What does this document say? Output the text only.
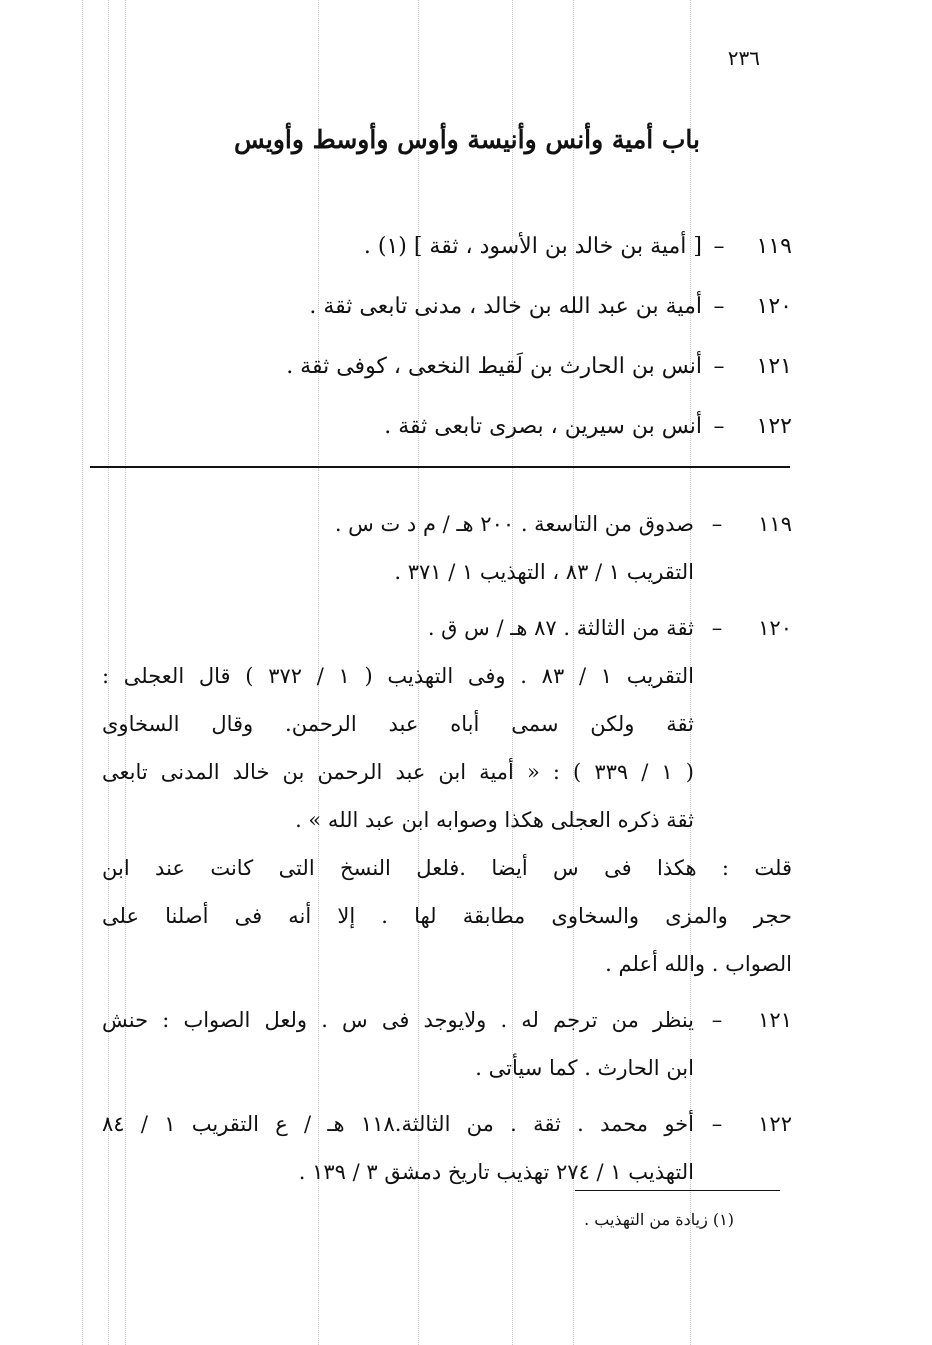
٢٣٦
باب أمية وأنس وأنيسة وأوس وأوسط وأويس
١١٩–[ أمية بن خالد بن الأسود ، ثقة ] (١) .
١٢٠–أمية بن عبد الله بن خالد ، مدنى تابعى ثقة .
١٢١–أنس بن الحارث بن لَقيط النخعى ، كوفى ثقة .
١٢٢–أنس بن سيرين ، بصرى تابعى ثقة .
١١٩
–
صدوق من التاسعة . ٢٠٠ هـ / م د ت س .
التقريب ١ / ٨٣ ، التهذيب ١ / ٣٧١ .
١٢٠
–
ثقة من الثالثة . ٨٧ هـ / س ق .
التقريب ١ / ٨٣ . وفى التهذيب ( ١ / ٣٧٢ ) قال العجلى :
ثقة ولكن سمى أباه عبد الرحمن. وقال السخاوى
( ١ / ٣٣٩ ) : « أمية ابن عبد الرحمن بن خالد المدنى تابعى
ثقة ذكره العجلى هكذا وصوابه ابن عبد الله » .
قلت : هكذا فى س أيضا .فلعل النسخ التى كانت عند ابن
حجر والمزى والسخاوى مطابقة لها . إلا أنه فى أصلنا على
الصواب . والله أعلم .
١٢١
–
ينظر من ترجم له . ولايوجد فى س . ولعل الصواب : حنش
ابن الحارث . كما سيأتى .
١٢٢
–
أخو محمد . ثقة . من الثالثة.١١٨ هـ / ع التقريب ١ / ٨٤
التهذيب ١ / ٢٧٤ تهذيب تاريخ دمشق ٣ / ١٣٩ .
(١) زيادة من التهذيب .
